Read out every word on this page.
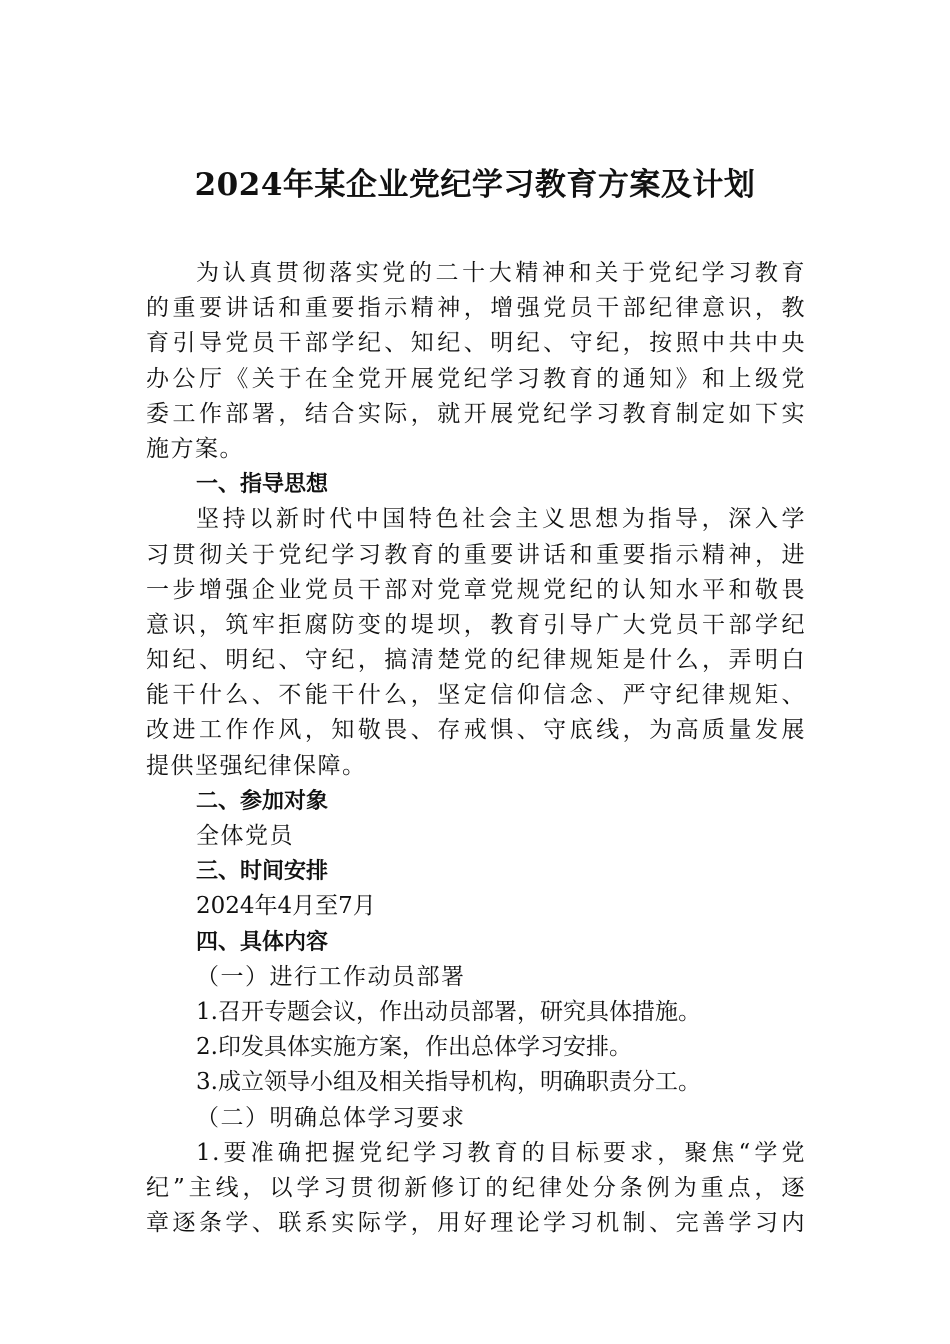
2024年某企业党纪学习教育方案及计划
为认真贯彻落实党的二十大精神和关于党纪学习教育
的重要讲话和重要指示精神，增强党员干部纪律意识，教
育引导党员干部学纪、知纪、明纪、守纪，按照中共中央
办公厅《关于在全党开展党纪学习教育的通知》和上级党
委工作部署，结合实际，就开展党纪学习教育制定如下实
施方案。
一、指导思想
坚持以新时代中国特色社会主义思想为指导，深入学
习贯彻关于党纪学习教育的重要讲话和重要指示精神，进
一步增强企业党员干部对党章党规党纪的认知水平和敬畏
意识，筑牢拒腐防变的堤坝，教育引导广大党员干部学纪
知纪、明纪、守纪，搞清楚党的纪律规矩是什么，弄明白
能干什么、不能干什么，坚定信仰信念、严守纪律规矩、
改进工作作风，知敬畏、存戒惧、守底线，为高质量发展
提供坚强纪律保障。
二、参加对象
全体党员
三、时间安排
2024年4月至7月
四、具体内容
（一）进行工作动员部署
1.召开专题会议，作出动员部署，研究具体措施。
2.印发具体实施方案，作出总体学习安排。
3.成立领导小组及相关指导机构，明确职责分工。
（二）明确总体学习要求
1.要准确把握党纪学习教育的目标要求，聚焦“学党
纪”主线，以学习贯彻新修订的纪律处分条例为重点，逐
章逐条学、联系实际学，用好理论学习机制、完善学习内
